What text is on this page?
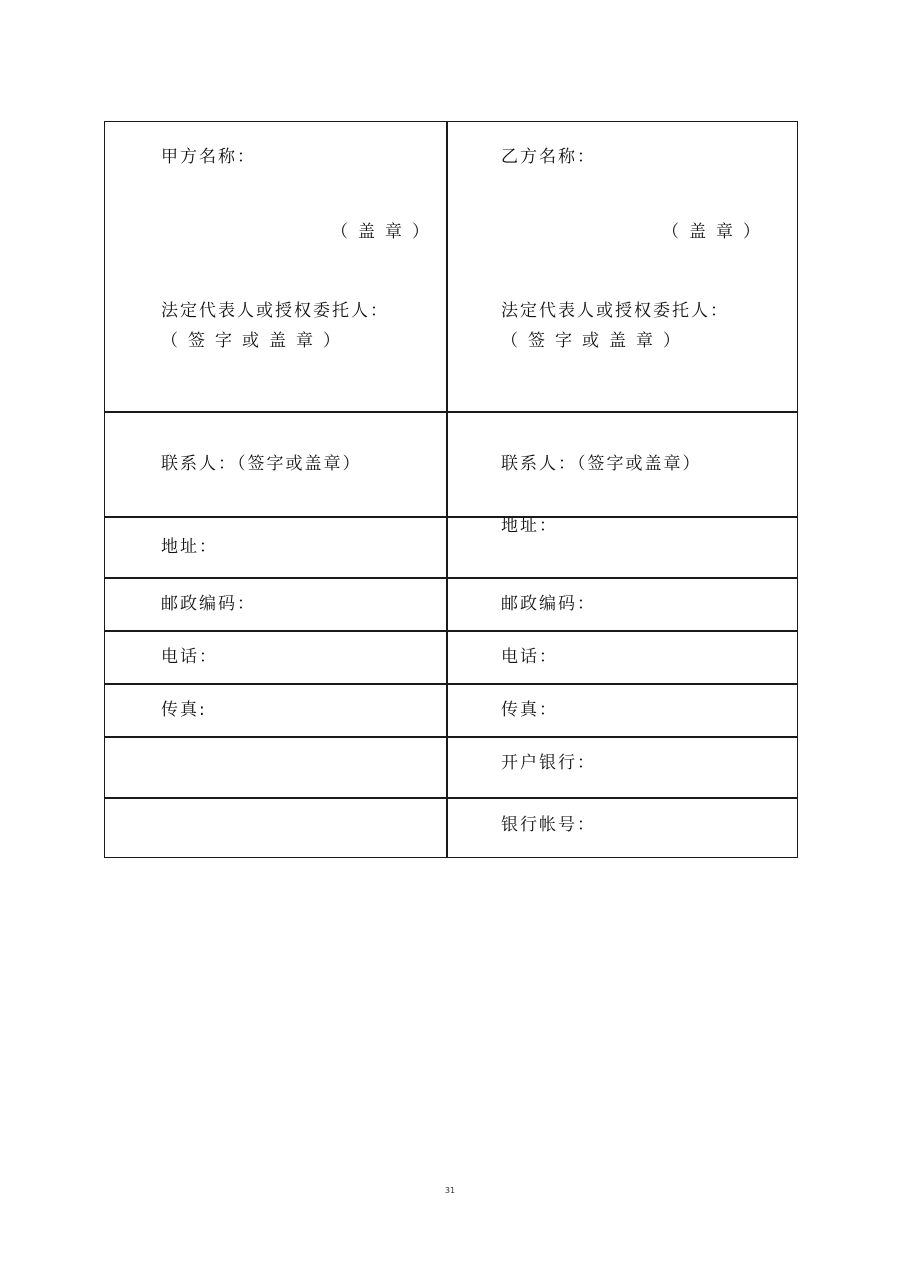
甲方名称：
（盖章）
法定代表人或授权委托人：
（签字或盖章）
联系人：（签字或盖章）
地址：
邮政编码：
电话：
传真:
乙方名称：
（盖章）
法定代表人或授权委托人：
（签字或盖章）
联系人：（签字或盖章）
地址：
邮政编码：
电话：
传真：
开户银行：
银行帐号：
31
